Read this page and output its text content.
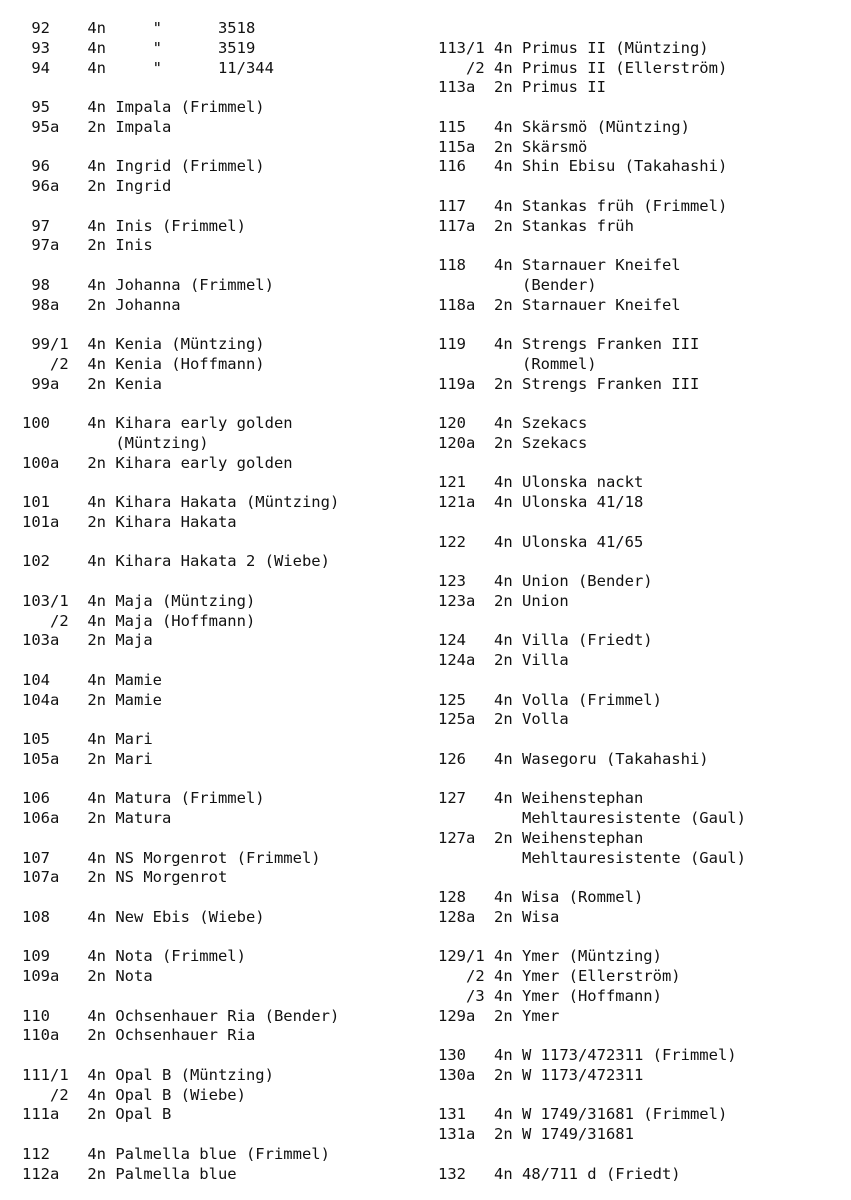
92    4n     "      3518
93    4n     "      3519
94    4n     "      11/344
95    4n Impala (Frimmel)
95a   2n Impala
96    4n Ingrid (Frimmel)
96a   2n Ingrid
97    4n Inis (Frimmel)
97a   2n Inis
98    4n Johanna (Frimmel)
98a   2n Johanna
99/1  4n Kenia (Müntzing)
/2  4n Kenia (Hoffmann)
99a   2n Kenia
100    4n Kihara early golden
(Müntzing)
100a   2n Kihara early golden
101    4n Kihara Hakata (Müntzing)
101a   2n Kihara Hakata
102    4n Kihara Hakata 2 (Wiebe)
103/1  4n Maja (Müntzing)
/2  4n Maja (Hoffmann)
103a   2n Maja
104    4n Mamie
104a   2n Mamie
105    4n Mari
105a   2n Mari
106    4n Matura (Frimmel)
106a   2n Matura
107    4n NS Morgenrot (Frimmel)
107a   2n NS Morgenrot
108    4n New Ebis (Wiebe)
109    4n Nota (Frimmel)
109a   2n Nota
110    4n Ochsenhauer Ria (Bender)
110a   2n Ochsenhauer Ria
111/1  4n Opal B (Müntzing)
/2  4n Opal B (Wiebe)
111a   2n Opal B
112    4n Palmella blue (Frimmel)
112a   2n Palmella blue
113/1 4n Primus II (Müntzing)
/2 4n Primus II (Ellerström)
113a  2n Primus II
115   4n Skärsmö (Müntzing)
115a  2n Skärsmö
116   4n Shin Ebisu (Takahashi)
117   4n Stankas früh (Frimmel)
117a  2n Stankas früh
118   4n Starnauer Kneifel
(Bender)
118a  2n Starnauer Kneifel
119   4n Strengs Franken III
(Rommel)
119a  2n Strengs Franken III
120   4n Szekacs
120a  2n Szekacs
121   4n Ulonska nackt
121a  4n Ulonska 41/18
122   4n Ulonska 41/65
123   4n Union (Bender)
123a  2n Union
124   4n Villa (Friedt)
124a  2n Villa
125   4n Volla (Frimmel)
125a  2n Volla
126   4n Wasegoru (Takahashi)
127   4n Weihenstephan
Mehltauresistente (Gaul)
127a  2n Weihenstephan
Mehltauresistente (Gaul)
128   4n Wisa (Rommel)
128a  2n Wisa
129/1 4n Ymer (Müntzing)
/2 4n Ymer (Ellerström)
/3 4n Ymer (Hoffmann)
129a  2n Ymer
130   4n W 1173/472311 (Frimmel)
130a  2n W 1173/472311
131   4n W 1749/31681 (Frimmel)
131a  2n W 1749/31681
132   4n 48/711 d (Friedt)
